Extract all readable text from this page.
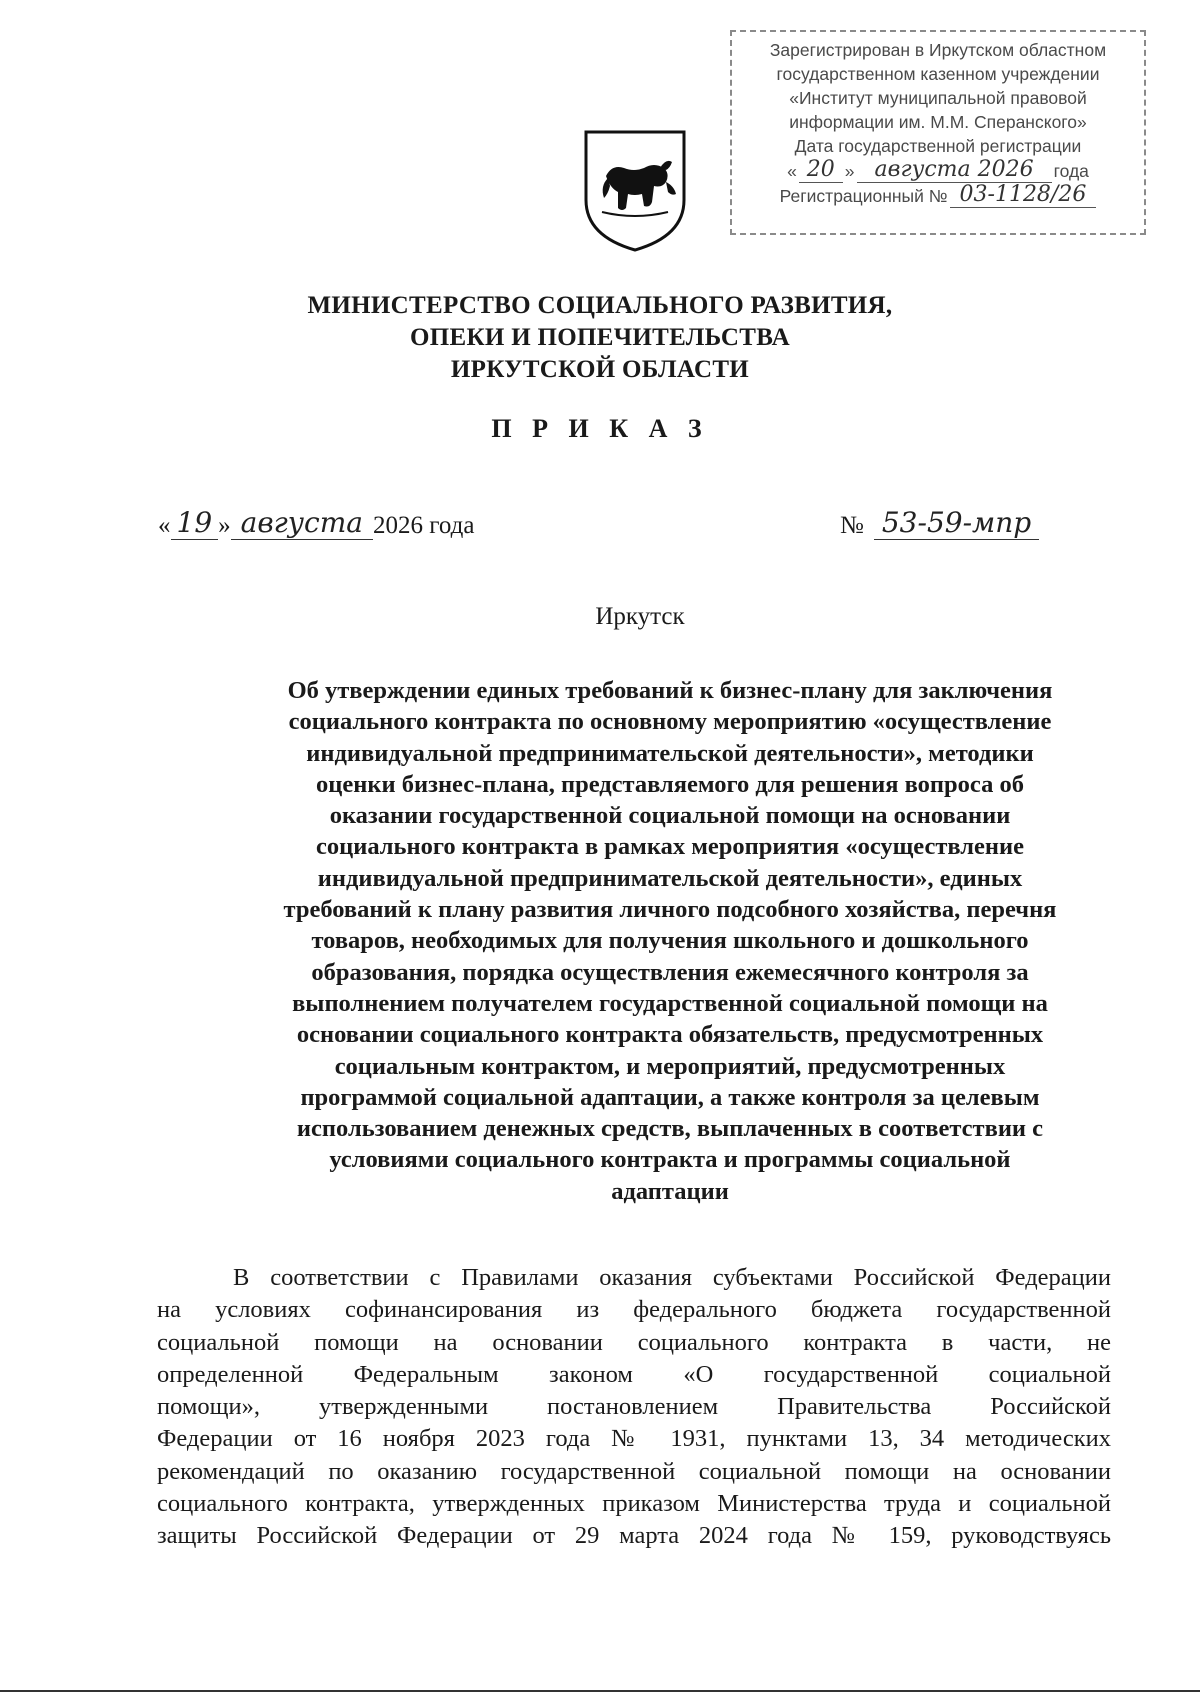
Зарегистрирован в Иркутском областном
государственном казенном учреждении
«Институт муниципальной правовой
информации им. М.М. Сперанского»
Дата государственной регистрации
« 20 » августа 2026	года
Регистрационный № 03-1128/26
МИНИСТЕРСТВО СОЦИАЛЬНОГО РАЗВИТИЯ,
ОПЕКИ И ПОПЕЧИТЕЛЬСТВА
ИРКУТСКОЙ ОБЛАСТИ
П Р И К А З
« 19 » августа 2026 года	№ 53-59-мпр
Иркутск
Об утверждении единых требований к бизнес-плану для заключения
социального контракта по основному мероприятию «осуществление
индивидуальной предпринимательской деятельности», методики
оценки бизнес-плана, представляемого для решения вопроса об
оказании государственной социальной помощи на основании
социального контракта в рамках мероприятия «осуществление
индивидуальной предпринимательской деятельности», единых
требований к плану развития личного подсобного хозяйства, перечня
товаров, необходимых для получения школьного и дошкольного
образования, порядка осуществления ежемесячного контроля за
выполнением получателем государственной социальной помощи на
основании социального контракта обязательств, предусмотренных
социальным контрактом, и мероприятий, предусмотренных
программой социальной адаптации, а также контроля за целевым
использованием денежных средств, выплаченных в соответствии с
условиями социального контракта и программы социальной
адаптации
В соответствии с Правилами оказания субъектами Российской Федерации
на условиях софинансирования из федерального бюджета государственной
социальной помощи на основании социального контракта в части, не
определенной Федеральным законом «О государственной социальной
помощи», утвержденными постановлением Правительства Российской
Федерации от 16 ноября 2023 года № 1931, пунктами 13, 34 методических
рекомендаций по оказанию государственной социальной помощи на основании
социального контракта, утвержденных приказом Министерства труда и социальной
защиты Российской Федерации от 29 марта 2024 года № 159, руководствуясь
